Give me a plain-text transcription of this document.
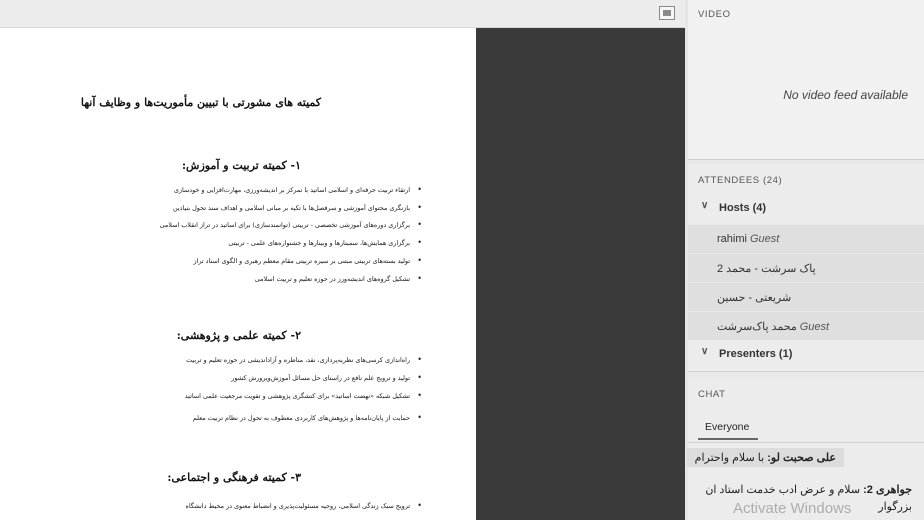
کمیته های مشورتی با تبیین مأموریت‌ها و وظایف آنها
۱- کمیته تربیت و آموزش:
• ارتقاء تربیت حرفه‌ای و اسلامی اساتید با تمرکز بر اندیشه‌ورزی، مهارت‌افزایی و خودسازی
• بازنگری محتوای آموزشی و سرفصل‌ها با تکیه بر مبانی اسلامی و اهداف سند تحول بنیادین
• برگزاری دوره‌های آموزشی تخصصی - تربیتی (توانمندسازی) برای اساتید در تراز انقلاب اسلامی
• برگزاری همایش‌ها، سمینارها و وبینارها و جشنواره‌های علمی - تربیتی
• تولید بسته‌های تربیتی مبتنی بر سیره تربیتی مقام معظم رهبری و الگوی استاد تراز
• تشکیل گروه‌های اندیشه‌ورز در حوزه تعلیم و تربیت اسلامی
۲- کمیته علمی و پژوهشی:
• راه‌اندازی کرسی‌های نظریه‌پردازی، نقد، مناظره و آزاداندیشی در حوزه تعلیم و تربیت
• تولید و ترویج علم نافع در راستای حل مسائل آموزش‌وپرورش کشور
• تشکیل شبکه «نهضت اساتید» برای کنشگری پژوهشی و تقویت مرجعیت علمی اساتید
• حمایت از پایان‌نامه‌ها و پژوهش‌های کاربردی معطوف به تحول در نظام تربیت معلم
۳- کمیته فرهنگی و اجتماعی:
• ترویج سبک زندگی اسلامی، روحیه مسئولیت‌پذیری و انضباط معنوی در محیط دانشگاه
VIDEO
No video feed available
ATTENDEES (24)
∨ Hosts (4)
rahimi Guest
پاک سرشت - محمد 2
شریعتی - حسین
محمد پاک‌سرشت Guest
∨ Presenters (1)
CHAT
Everyone
علی صحبت لو: با سلام واحترام
جواهری 2: سلام و عرض ادب خدمت استاد ان بزرگوار
Activate Windows
